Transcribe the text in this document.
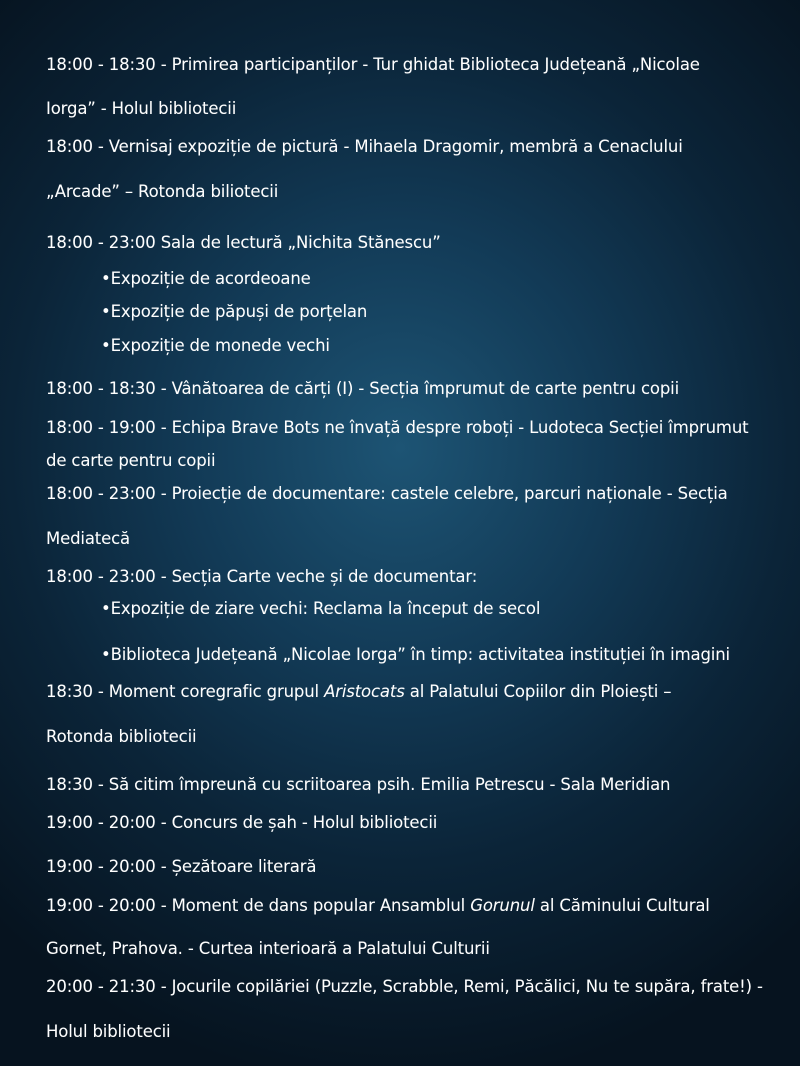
18:00 - 18:30 - Primirea participanților - Tur ghidat Biblioteca Județeană „Nicolae
Iorga” - Holul bibliotecii
18:00 - Vernisaj expoziție de pictură - Mihaela Dragomir, membră a Cenaclului
„Arcade” – Rotonda biliotecii
18:00 - 23:00 Sala de lectură „Nichita Stănescu”
•Expoziție de acordeoane
•Expoziție de păpuși de porțelan
•Expoziție de monede vechi
18:00 - 18:30 - Vânătoarea de cărți (I) - Secția împrumut de carte pentru copii
18:00 - 19:00 - Echipa Brave Bots ne învață despre roboți - Ludoteca Secției împrumut
de carte pentru copii
18:00 - 23:00 - Proiecție de documentare: castele celebre, parcuri naționale - Secția
Mediatecă
18:00 - 23:00 - Secția Carte veche și de documentar:
•Expoziție de ziare vechi: Reclama la început de secol
•Biblioteca Județeană „Nicolae Iorga” în timp: activitatea instituției în imagini
18:30 - Moment coregrafic grupul Aristocats al Palatului Copiilor din Ploiești –
Rotonda bibliotecii
18:30 - Să citim împreună cu scriitoarea psih. Emilia Petrescu - Sala Meridian
19:00 - 20:00 - Concurs de șah - Holul bibliotecii
19:00 - 20:00 - Șezătoare literară
19:00 - 20:00 - Moment de dans popular Ansamblul Gorunul al Căminului Cultural
Gornet, Prahova. - Curtea interioară a Palatului Culturii
20:00 - 21:30 - Jocurile copilăriei (Puzzle, Scrabble, Remi, Păcălici, Nu te supăra, frate!) -
Holul bibliotecii
